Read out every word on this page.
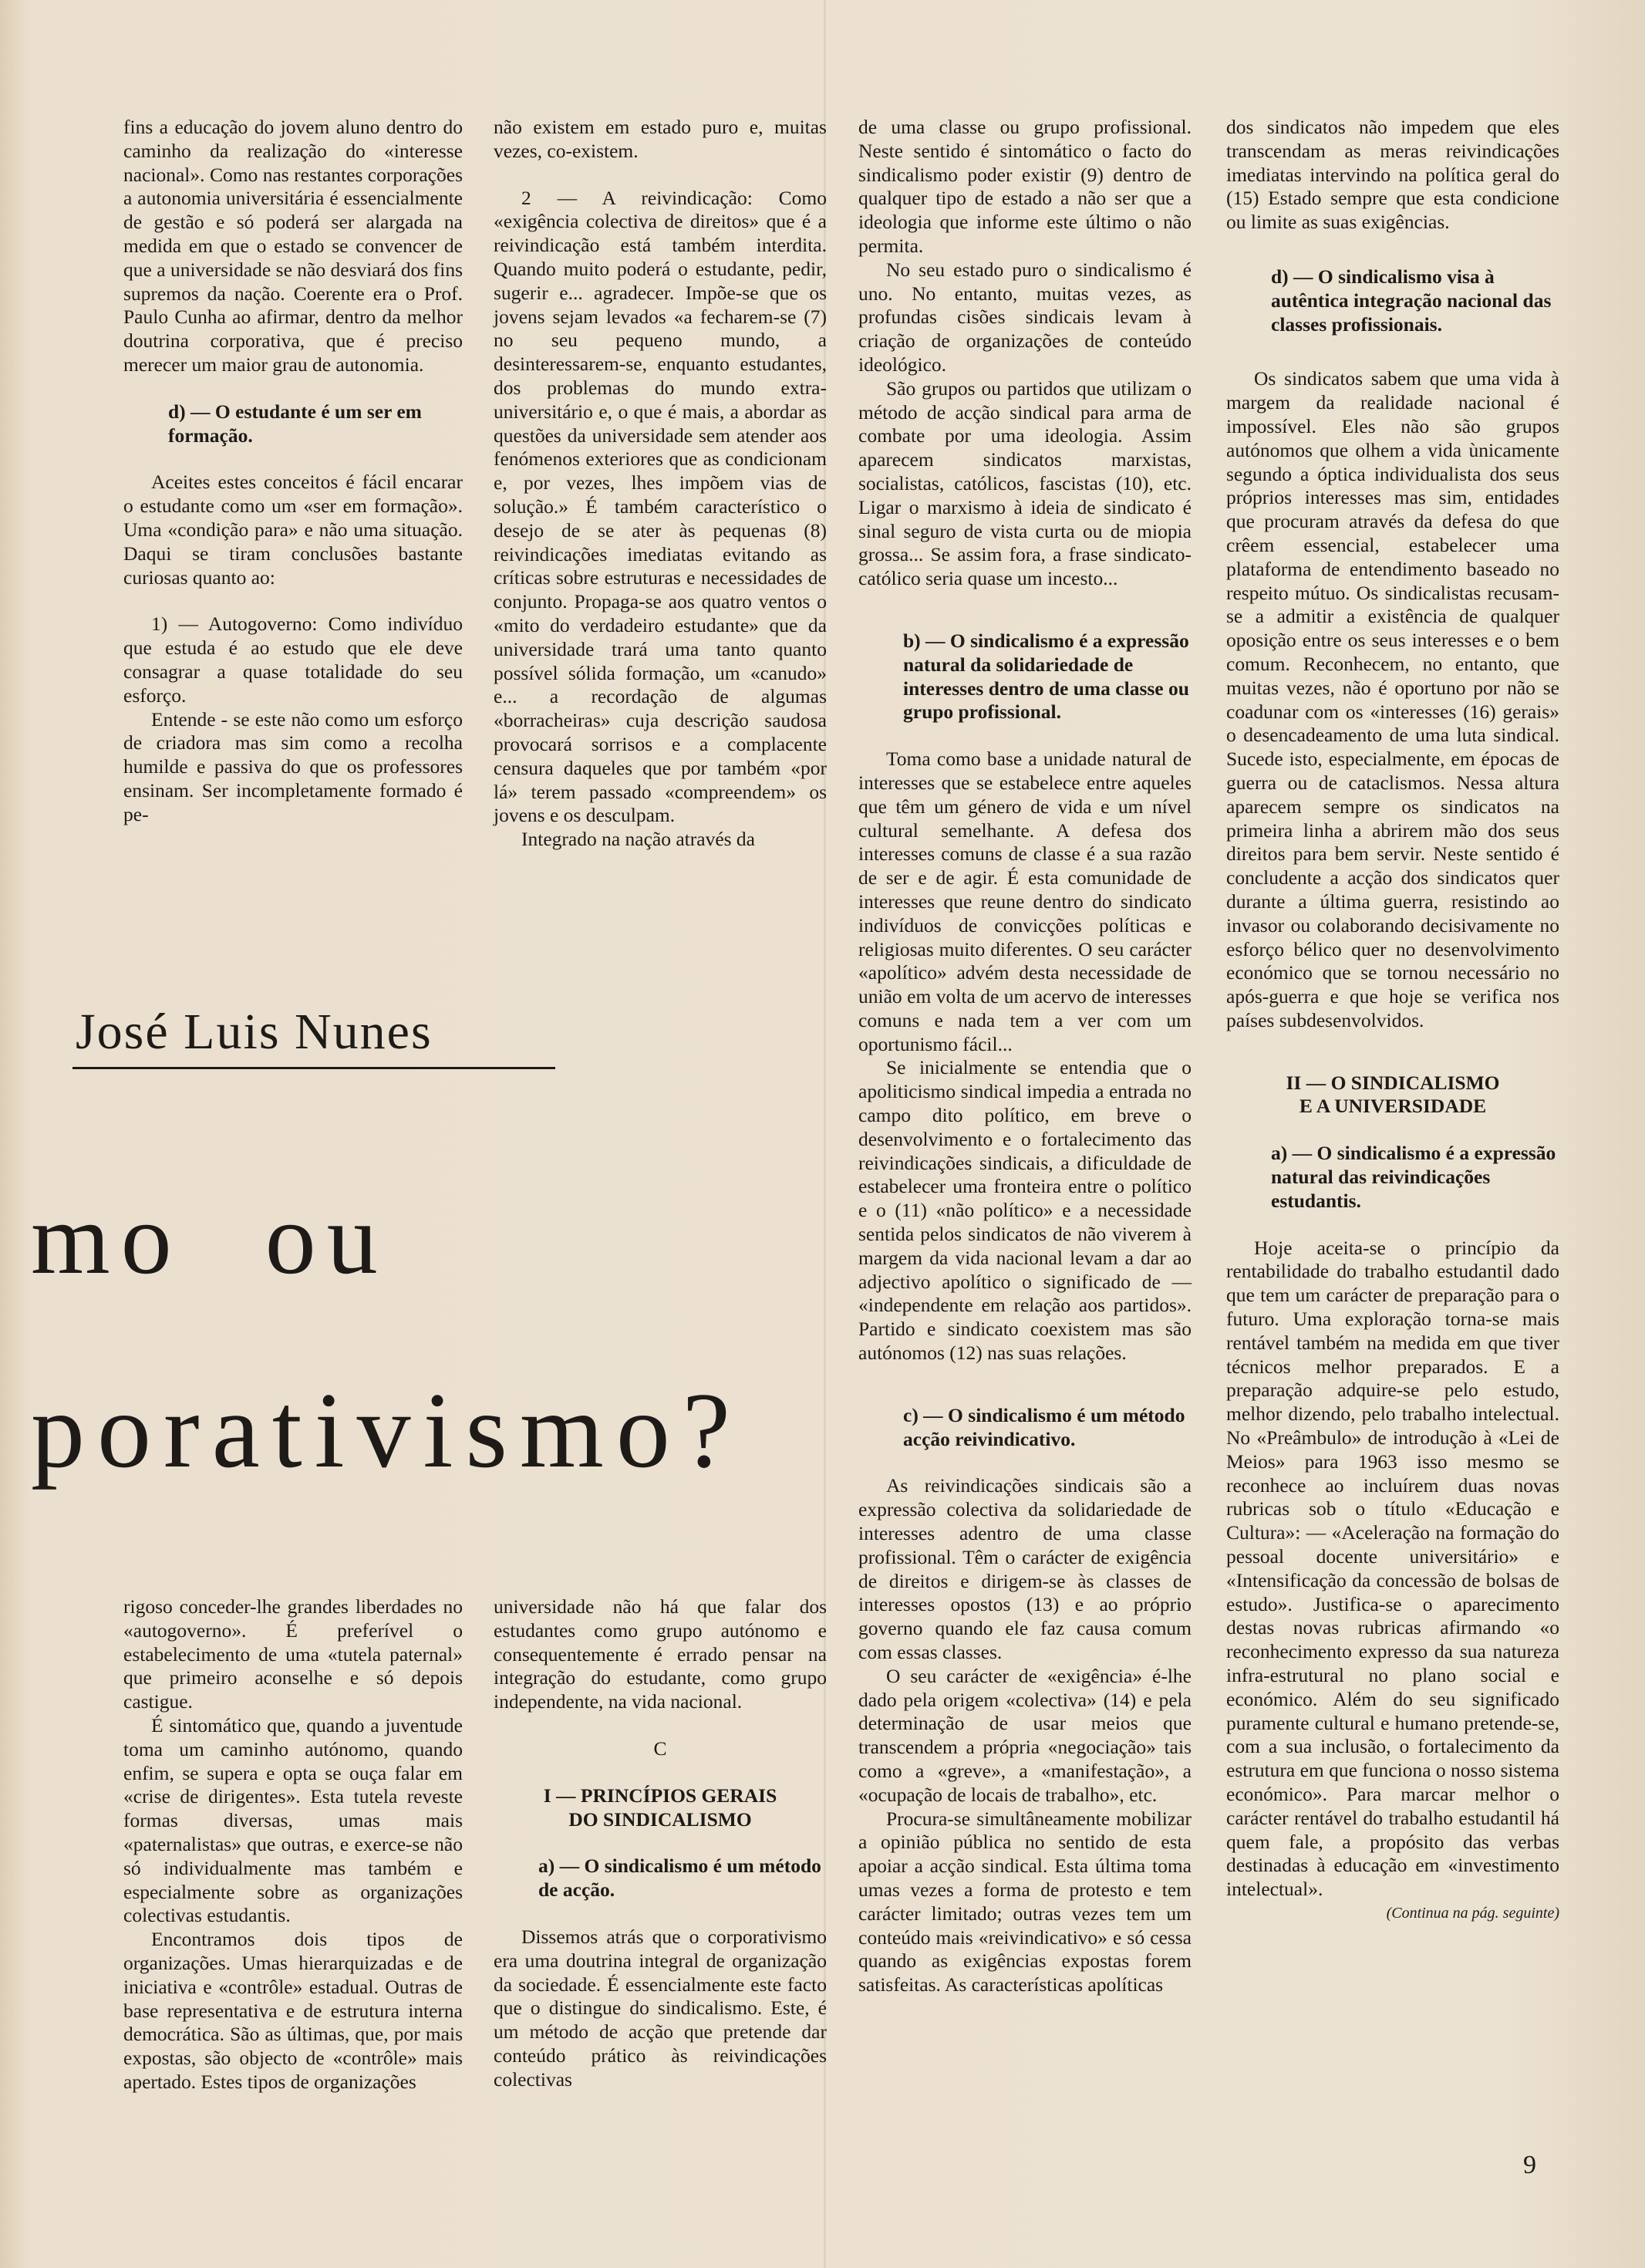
fins a educação do jovem aluno dentro do caminho da realização do «interesse nacional». Como nas restantes corporações a autonomia universitária é essencialmente de gestão e só poderá ser alargada na medida em que o estado se convencer de que a universidade se não desviará dos fins supremos da nação. Coerente era o Prof. Paulo Cunha ao afirmar, dentro da melhor doutrina corporativa, que é preciso merecer um maior grau de autonomia.

d) — O estudante é um ser em formação.

Aceites estes conceitos é fácil encarar o estudante como um «ser em formação». Uma «condição para» e não uma situação. Daqui se tiram conclusões bastante curiosas quanto ao:

1) — Autogoverno: Como indivíduo que estuda é ao estudo que ele deve consagrar a quase totalidade do seu esforço.

Entende - se este não como um esforço de criadora mas sim como a recolha humilde e passiva do que os professores ensinam. Ser incompletamente formado é pe-

não existem em estado puro e, muitas vezes, co-existem.

2 — A reivindicação: Como «exigência colectiva de direitos» que é a reivindicação está também interdita. Quando muito poderá o estudante, pedir, sugerir e... agradecer. Impõe-se que os jovens sejam levados «a fecharem-se (7) no seu pequeno mundo, a desinteressarem-se, enquanto estudantes, dos problemas do mundo extra-universitário e, o que é mais, a abordar as questões da universidade sem atender aos fenómenos exteriores que as condicionam e, por vezes, lhes impõem vias de solução.» É também característico o desejo de se ater às pequenas (8) reivindicações imediatas evitando as críticas sobre estruturas e necessidades de conjunto. Propaga-se aos quatro ventos o «mito do verdadeiro estudante» que da universidade trará uma tanto quanto possível sólida formação, um «canudo» e... a recordação de algumas «borracheiras» cuja descrição saudosa provocará sorrisos e a complacente censura daqueles que por também «por lá» terem passado «compreendem» os jovens e os desculpam.

Integrado na nação através da

de uma classe ou grupo profissional. Neste sentido é sintomático o facto do sindicalismo poder existir (9) dentro de qualquer tipo de estado a não ser que a ideologia que informe este último o não permita.

No seu estado puro o sindicalismo é uno. No entanto, muitas vezes, as profundas cisões sindicais levam à criação de organizações de conteúdo ideológico.

São grupos ou partidos que utilizam o método de acção sindical para arma de combate por uma ideologia. Assim aparecem sindicatos marxistas, socialistas, católicos, fascistas (10), etc. Ligar o marxismo à ideia de sindicato é sinal seguro de vista curta ou de miopia grossa... Se assim fora, a frase sindicato-católico seria quase um incesto...

b) — O sindicalismo é a expressão natural da solidariedade de interesses dentro de uma classe ou grupo profissional.

Toma como base a unidade natural de interesses que se estabelece entre aqueles que têm um género de vida e um nível cultural semelhante. A defesa dos interesses comuns de classe é a sua razão de ser e de agir. É esta comunidade de interesses que reune dentro do sindicato indivíduos de convicções políticas e religiosas muito diferentes. O seu carácter «apolítico» advém desta necessidade de união em volta de um acervo de interesses comuns e nada tem a ver com um oportunismo fácil...

Se inicialmente se entendia que o apoliticismo sindical impedia a entrada no campo dito político, em breve o desenvolvimento e o fortalecimento das reivindicações sindicais, a dificuldade de estabelecer uma fronteira entre o político e o (11) «não político» e a necessidade sentida pelos sindicatos de não viverem à margem da vida nacional levam a dar ao adjectivo apolítico o significado de — «independente em relação aos partidos». Partido e sindicato coexistem mas são autónomos (12) nas suas relações.

c) — O sindicalismo é um método acção reivindicativo.

As reivindicações sindicais são a expressão colectiva da solidariedade de interesses adentro de uma classe profissional. Têm o carácter de exigência de direitos e dirigem-se às classes de interesses opostos (13) e ao próprio governo quando ele faz causa comum com essas classes.

O seu carácter de «exigência» é-lhe dado pela origem «colectiva» (14) e pela determinação de usar meios que transcendem a própria «negociação» tais como a «greve», a «manifestação», a «ocupação de locais de trabalho», etc.

Procura-se simultâneamente mobilizar a opinião pública no sentido de esta apoiar a acção sindical. Esta última toma umas vezes a forma de protesto e tem carácter limitado; outras vezes tem um conteúdo mais «reivindicativo» e só cessa quando as exigências expostas forem satisfeitas. As características apolíticas

dos sindicatos não impedem que eles transcendam as meras reivindicações imediatas intervindo na política geral do (15) Estado sempre que esta condicione ou limite as suas exigências.

d) — O sindicalismo visa à autêntica integração nacional das classes profissionais.

Os sindicatos sabem que uma vida à margem da realidade nacional é impossível. Eles não são grupos autónomos que olhem a vida ùnicamente segundo a óptica individualista dos seus próprios interesses mas sim, entidades que procuram através da defesa do que crêem essencial, estabelecer uma plataforma de entendimento baseado no respeito mútuo. Os sindicalistas recusam-se a admitir a existência de qualquer oposição entre os seus interesses e o bem comum. Reconhecem, no entanto, que muitas vezes, não é oportuno por não se coadunar com os «interesses (16) gerais» o desencadeamento de uma luta sindical. Sucede isto, especialmente, em épocas de guerra ou de cataclismos. Nessa altura aparecem sempre os sindicatos na primeira linha a abrirem mão dos seus direitos para bem servir. Neste sentido é concludente a acção dos sindicatos quer durante a última guerra, resistindo ao invasor ou colaborando decisivamente no esforço bélico quer no desenvolvimento económico que se tornou necessário no após-guerra e que hoje se verifica nos países subdesenvolvidos.

II — O SINDICALISMO

E A UNIVERSIDADE

a) — O sindicalismo é a expressão natural das reivindicações estudantis.

Hoje aceita-se o princípio da rentabilidade do trabalho estudantil dado que tem um carácter de preparação para o futuro. Uma exploração torna-se mais rentável também na medida em que tiver técnicos melhor preparados. E a preparação adquire-se pelo estudo, melhor dizendo, pelo trabalho intelectual. No «Preâmbulo» de introdução à «Lei de Meios» para 1963 isso mesmo se reconhece ao incluírem duas novas rubricas sob o título «Educação e Cultura»: — «Aceleração na formação do pessoal docente universitário» e «Intensificação da concessão de bolsas de estudo». Justifica-se o aparecimento destas novas rubricas afirmando «o reconhecimento expresso da sua natureza infra-estrutural no plano social e económico. Além do seu significado puramente cultural e humano pretende-se, com a sua inclusão, o fortalecimento da estrutura em que funciona o nosso sistema económico». Para marcar melhor o carácter rentável do trabalho estudantil há quem fale, a propósito das verbas destinadas à educação em «investimento intelectual».

(Continua na pág. seguinte)

José Luis Nunes
mo ou
porativismo?

rigoso conceder-lhe grandes liberdades no «autogoverno». É preferível o estabelecimento de uma «tutela paternal» que primeiro aconselhe e só depois castigue.

É sintomático que, quando a juventude toma um caminho autónomo, quando enfim, se supera e opta se ouça falar em «crise de dirigentes». Esta tutela reveste formas diversas, umas mais «paternalistas» que outras, e exerce-se não só individualmente mas também e especialmente sobre as organizações colectivas estudantis.

Encontramos dois tipos de organizações. Umas hierarquizadas e de iniciativa e «contrôle» estadual. Outras de base representativa e de estrutura interna democrática. São as últimas, que, por mais expostas, são objecto de «contrôle» mais apertado. Estes tipos de organizações

universidade não há que falar dos estudantes como grupo autónomo e consequentemente é errado pensar na integração do estudante, como grupo independente, na vida nacional.

C

I — PRINCÍPIOS GERAIS

DO SINDICALISMO

a) — O sindicalismo é um método de acção.

Dissemos atrás que o corporativismo era uma doutrina integral de organização da sociedade. É essencialmente este facto que o distingue do sindicalismo. Este, é um método de acção que pretende dar conteúdo prático às reivindicações colectivas

9
